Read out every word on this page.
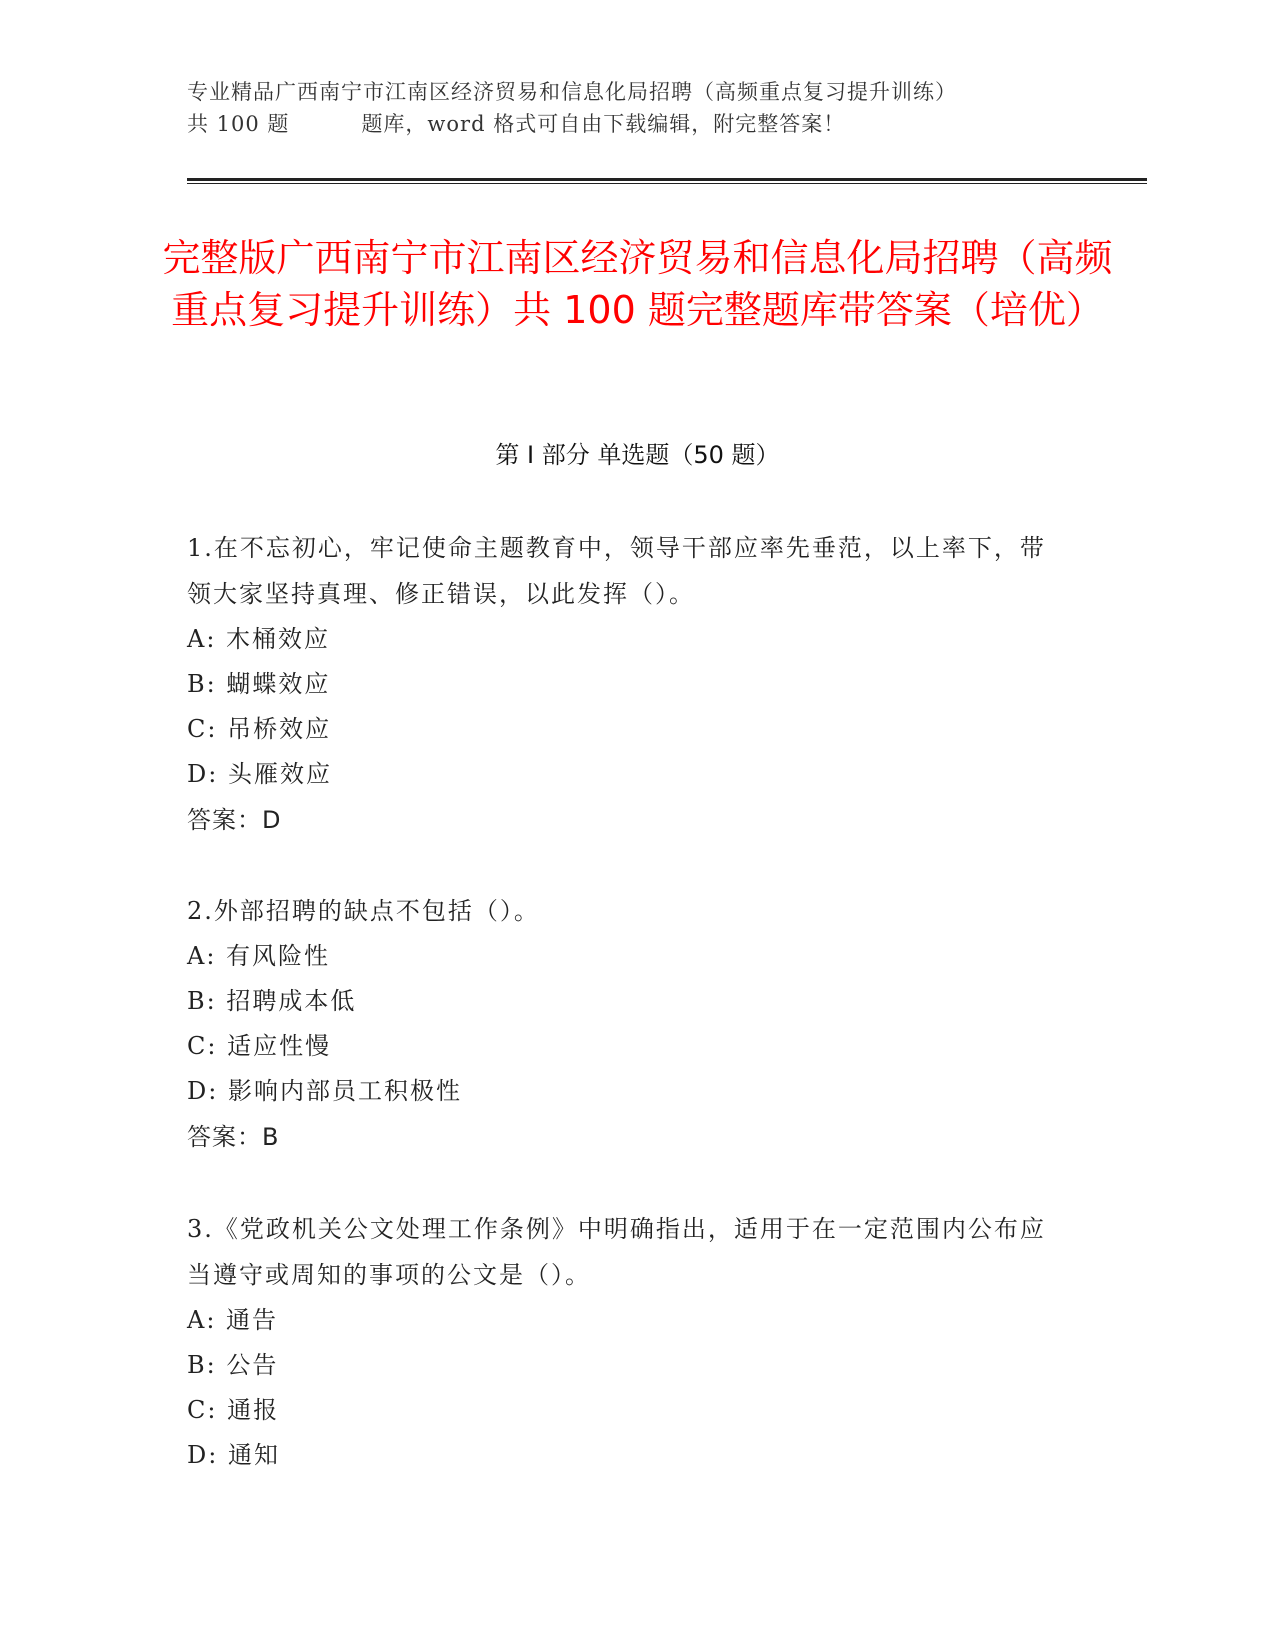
专业精品广西南宁市江南区经济贸易和信息化局招聘（高频重点复习提升训练）
共 100 题	题库，word 格式可自由下载编辑，附完整答案！
完整版广西南宁市江南区经济贸易和信息化局招聘（高频重点复习提升训练）共 100 题完整题库带答案（培优）
第 I 部分 单选题（50 题）

1.在不忘初心，牢记使命主题教育中，领导干部应率先垂范，以上率下，带领大家坚持真理、修正错误，以此发挥（）。

A: 木桶效应

B: 蝴蝶效应

C: 吊桥效应

D: 头雁效应

答案：D

2.外部招聘的缺点不包括（）。

A: 有风险性

B: 招聘成本低

C: 适应性慢

D: 影响内部员工积极性

答案：B

3.《党政机关公文处理工作条例》中明确指出，适用于在一定范围内公布应当遵守或周知的事项的公文是（）。

A: 通告

B: 公告

C: 通报

D: 通知
